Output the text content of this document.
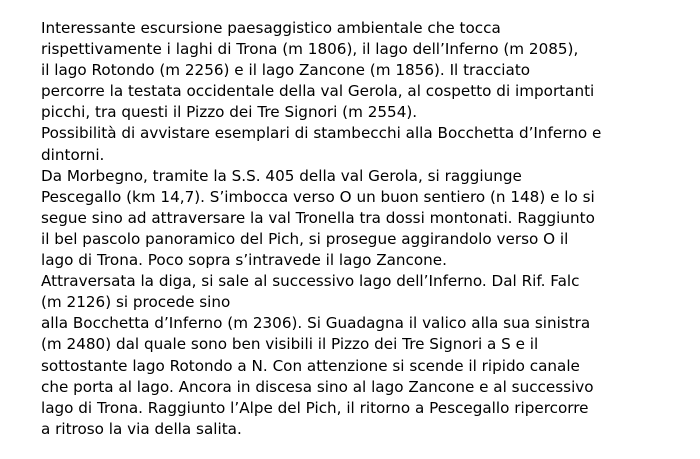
Interessante escursione paesaggistico ambientale che tocca
rispettivamente i laghi di Trona (m 1806), il lago dell’Inferno (m 2085),
il lago Rotondo (m 2256) e il lago Zancone (m 1856). Il tracciato
percorre la testata occidentale della val Gerola, al cospetto di importanti
picchi, tra questi il Pizzo dei Tre Signori (m 2554).
Possibilità di avvistare esemplari di stambecchi alla Bocchetta d’Inferno e
dintorni.
Da Morbegno, tramite la S.S. 405 della val Gerola, si raggiunge
Pescegallo (km 14,7). S’imbocca verso O un buon sentiero (n 148) e lo si
segue sino ad attraversare la val Tronella tra dossi montonati. Raggiunto
il bel pascolo panoramico del Pich, si prosegue aggirandolo verso O il
lago di Trona. Poco sopra s’intravede il lago Zancone.
Attraversata la diga, si sale al successivo lago dell’Inferno. Dal Rif. Falc
(m 2126) si procede sino
alla Bocchetta d’Inferno (m 2306). Si Guadagna il valico alla sua sinistra
(m 2480) dal quale sono ben visibili il Pizzo dei Tre Signori a S e il
sottostante lago Rotondo a N. Con attenzione si scende il ripido canale
che porta al lago. Ancora in discesa sino al lago Zancone e al successivo
lago di Trona. Raggiunto l’Alpe del Pich, il ritorno a Pescegallo ripercorre
a ritroso la via della salita.
